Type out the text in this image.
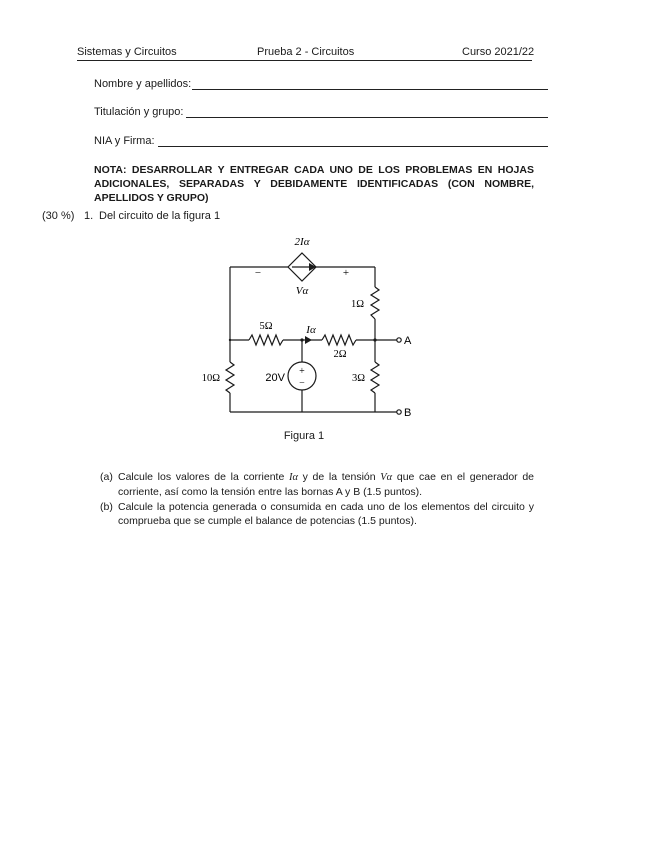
Sistemas y Circuitos	Prueba 2 - Circuitos	Curso 2021/22
Nombre y apellidos:
Titulación y grupo:
NIA y Firma:
NOTA: DESARROLLAR Y ENTREGAR CADA UNO DE LOS PROBLEMAS EN HOJAS ADICIONALES, SEPARADAS Y DEBIDAMENTE IDENTIFICADAS (CON NOMBRE, APELLIDOS Y GRUPO)
(30 %) 1. Del circuito de la figura 1
2Iα
Vα
−	+
1Ω
5Ω	Iα
2Ω
A
10Ω	20V
+
−	3Ω
B
Figura 1
(a) Calcule los valores de la corriente Iα y de la tensión Vα que cae en el generador de corriente, así como la tensión entre las bornas A y B (1.5 puntos).
(b) Calcule la potencia generada o consumida en cada uno de los elementos del circuito y comprueba que se cumple el balance de potencias (1.5 puntos).
